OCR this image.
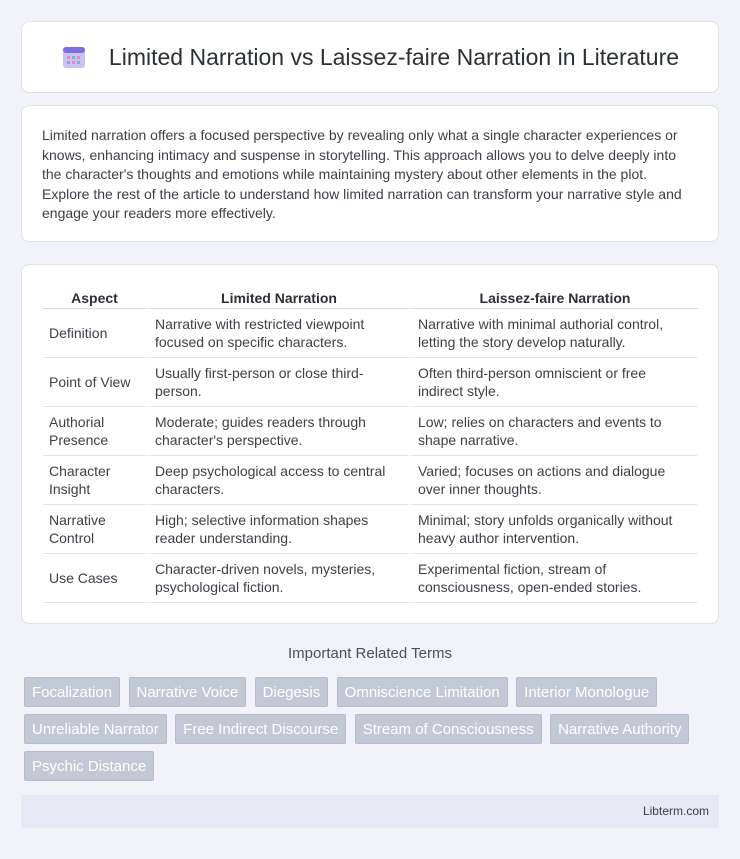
Limited Narration vs Laissez-faire Narration in Literature

Limited narration offers a focused perspective by revealing only what a single character experiences or knows, enhancing intimacy and suspense in storytelling. This approach allows you to delve deeply into the character's thoughts and emotions while maintaining mystery about other elements in the plot. Explore the rest of the article to understand how limited narration can transform your narrative style and engage your readers more effectively.

Aspect	Limited Narration	Laissez-faire Narration
Definition	Narrative with restricted viewpoint focused on specific characters.	Narrative with minimal authorial control, letting the story develop naturally.
Point of View	Usually first-person or close third-person.	Often third-person omniscient or free indirect style.
Authorial Presence	Moderate; guides readers through character's perspective.	Low; relies on characters and events to shape narrative.
Character Insight	Deep psychological access to central characters.	Varied; focuses on actions and dialogue over inner thoughts.
Narrative Control	High; selective information shapes reader understanding.	Minimal; story unfolds organically without heavy author intervention.
Use Cases	Character-driven novels, mysteries, psychological fiction.	Experimental fiction, stream of consciousness, open-ended stories.
Important Related Terms
Focalization Narrative Voice Diegesis Omniscience Limitation Interior Monologue Unreliable Narrator Free Indirect Discourse Stream of Consciousness Narrative Authority Psychic Distance
Libterm.com
